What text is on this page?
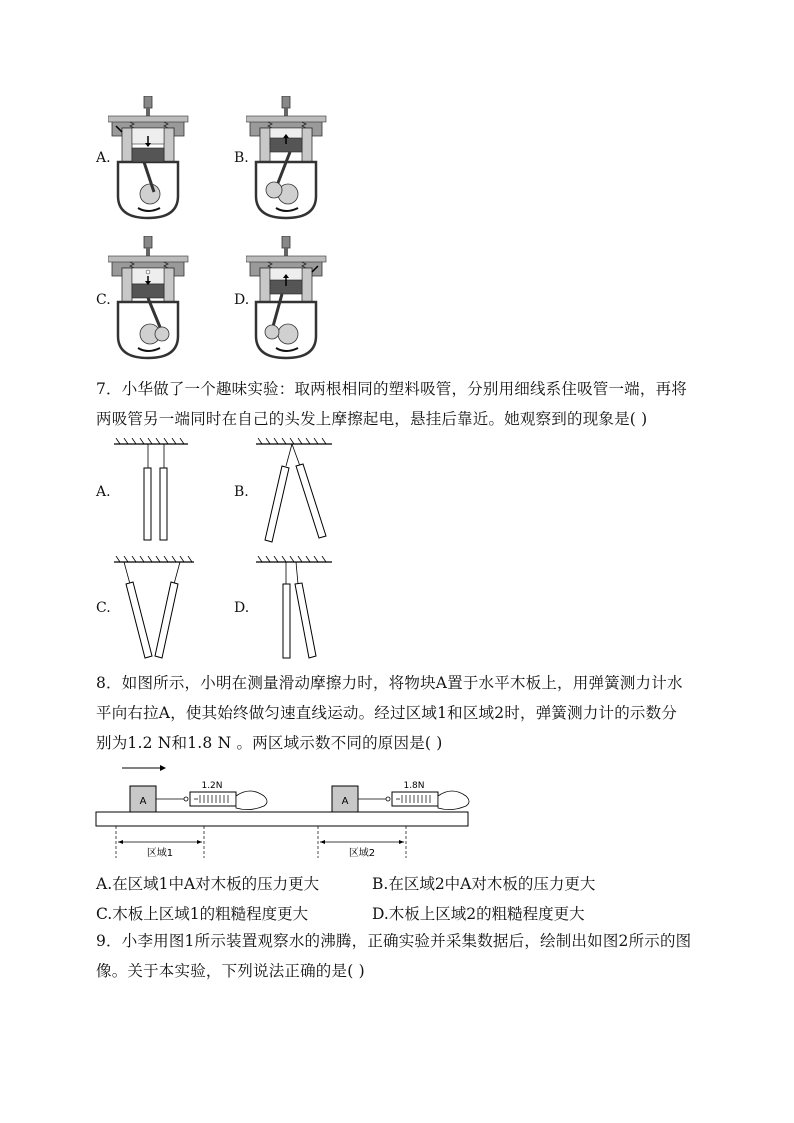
A.	B.
C.	D.
7．小华做了一个趣味实验：取两根相同的塑料吸管，分别用细线系住吸管一端，再将
两吸管另一端同时在自己的头发上摩擦起电，悬挂后靠近。她观察到的现象是( )
A.	B.
C.	D.
8．如图所示，小明在测量滑动摩擦力时，将物块A置于水平木板上，用弹簧测力计水
平向右拉A，使其始终做匀速直线运动。经过区域1和区域2时，弹簧测力计的示数分
别为1.2 N和1.8 N 。两区域示数不同的原因是( )
A
1.2N
A
1.8N
区域1	区域2
A.在区域1中A对木板的压力更大	B.在区域2中A对木板的压力更大
C.木板上区域1的粗糙程度更大	D.木板上区域2的粗糙程度更大
9．小李用图1所示装置观察水的沸腾，正确实验并采集数据后，绘制出如图2所示的图
像。关于本实验，下列说法正确的是( )
